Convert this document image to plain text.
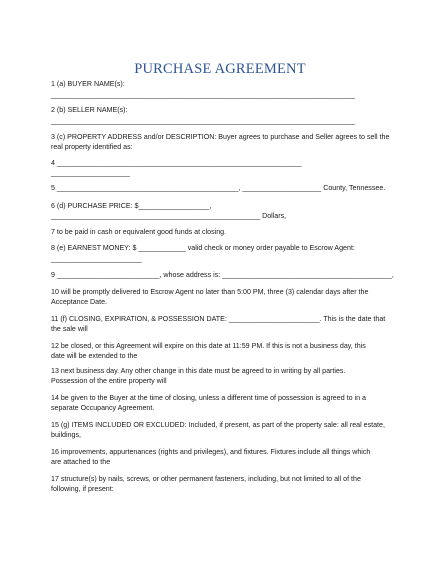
PURCHASE AGREEMENT
1 (a) BUYER NAME(s):
_____________________________________________________________________________
2 (b) SELLER NAME(s):
_____________________________________________________________________________
3 (c) PROPERTY ADDRESS and/or DESCRIPTION: Buyer agrees to purchase and Seller agrees to sell the
real property identified as:
4 ______________________________________________________________
____________________
5 ______________________________________________, ____________________ County, Tennessee.
6 (d) PURCHASE PRICE: $__________________,
_____________________________________________________ Dollars,
7 to be paid in cash or equivalent good funds at closing.
8 (e) EARNEST MONEY: $ ____________ valid check or money order payable to Escrow Agent:
_______________________
9 __________________________, whose address is: ___________________________________________,
10 will be promptly delivered to Escrow Agent no later than 5:00 PM, three (3) calendar days after the
Acceptance Date.
11 (f) CLOSING, EXPIRATION, & POSSESSION DATE: _______________________. This is the date that
the sale will
12 be closed, or this Agreement will expire on this date at 11:59 PM. If this is not a business day, this
date will be extended to the
13 next business day. Any other change in this date must be agreed to in writing by all parties.
Possession of the entire property will
14 be given to the Buyer at the time of closing, unless a different time of possession is agreed to in a
separate Occupancy Agreement.
15 (g) ITEMS INCLUDED OR EXCLUDED: Included, if present, as part of the property sale: all real estate,
buildings,
16 improvements, appurtenances (rights and privileges), and fixtures. Fixtures include all things which
are attached to the
17 structure(s) by nails, screws, or other permanent fasteners, including, but not limited to all of the
following, if present:
